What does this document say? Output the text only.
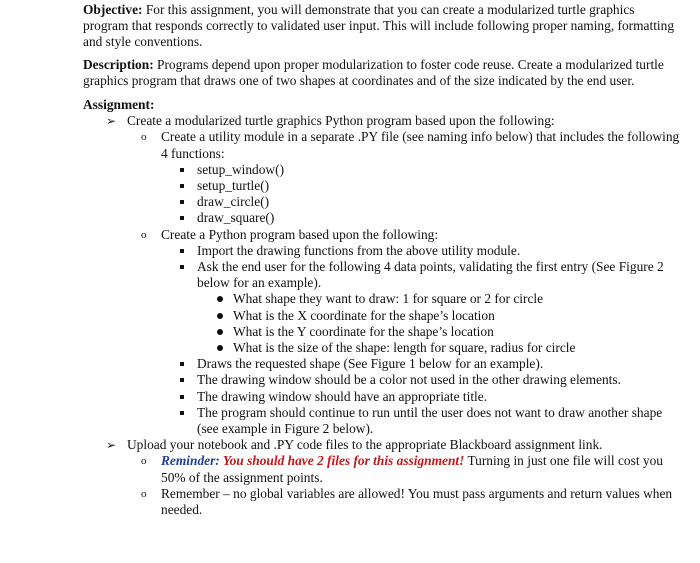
Objective: For this assignment, you will demonstrate that you can create a modularized turtle graphics program that responds correctly to validated user input. This will include following proper naming, formatting and style conventions.

Description: Programs depend upon proper modularization to foster code reuse. Create a modularized turtle graphics program that draws one of two shapes at coordinates and of the size indicated by the end user.

Assignment:
➢ Create a modularized turtle graphics Python program based upon the following:
o Create a utility module in a separate .PY file (see naming info below) that includes the following 4 functions:
setup_window()
setup_turtle()
draw_circle()
draw_square()
o Create a Python program based upon the following:
Import the drawing functions from the above utility module.
Ask the end user for the following 4 data points, validating the first entry (See Figure 2 below for an example).
What shape they want to draw: 1 for square or 2 for circle
What is the X coordinate for the shape’s location
What is the Y coordinate for the shape’s location
What is the size of the shape: length for square, radius for circle
Draws the requested shape (See Figure 1 below for an example).
The drawing window should be a color not used in the other drawing elements.
The drawing window should have an appropriate title.
The program should continue to run until the user does not want to draw another shape (see example in Figure 2 below).
➢ Upload your notebook and .PY code files to the appropriate Blackboard assignment link.
o Reminder: You should have 2 files for this assignment! Turning in just one file will cost you 50% of the assignment points.
o Remember – no global variables are allowed! You must pass arguments and return values when needed.
